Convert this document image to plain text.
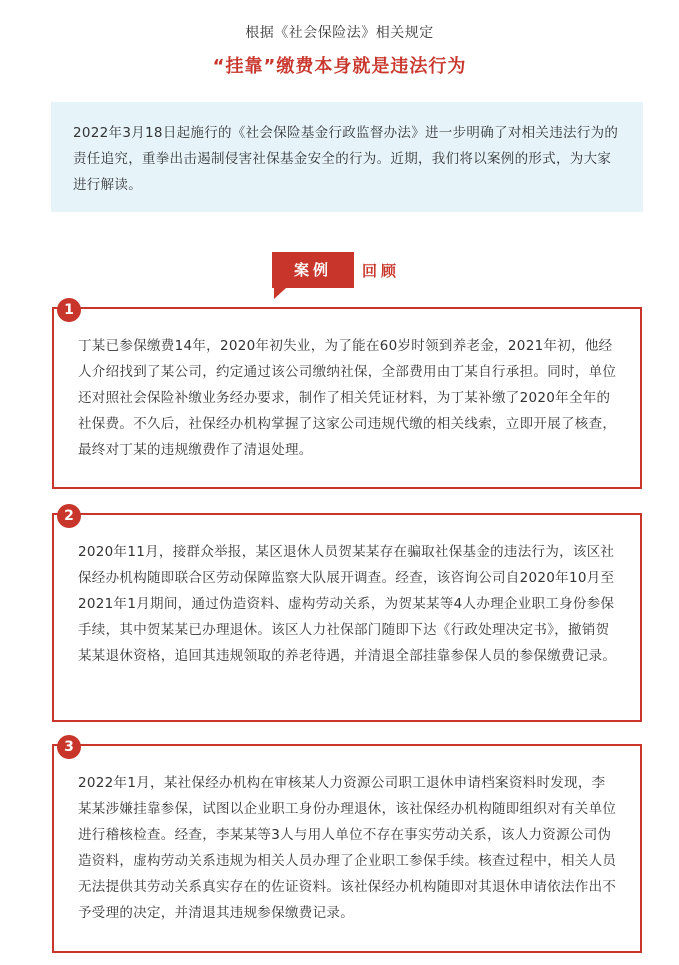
根据《社会保险法》相关规定
“挂靠”缴费本身就是违法行为

2022年3月18日起施行的《社会保险基金行政监督办法》进一步明确了对相关违法行为的责任追究，重拳出击遏制侵害社保基金安全的行为。近期，我们将以案例的形式，为大家进行解读。

案例	回顾

丁某已参保缴费14年，2020年初失业，为了能在60岁时领到养老金，2021年初，他经人介绍找到了某公司，约定通过该公司缴纳社保，全部费用由丁某自行承担。同时，单位还对照社会保险补缴业务经办要求，制作了相关凭证材料，为丁某补缴了2020年全年的社保费。不久后，社保经办机构掌握了这家公司违规代缴的相关线索，立即开展了核查，最终对丁某的违规缴费作了清退处理。

1

2020年11月，接群众举报，某区退休人员贺某某存在骗取社保基金的违法行为，该区社保经办机构随即联合区劳动保障监察大队展开调查。经查，该咨询公司自2020年10月至2021年1月期间，通过伪造资料、虚构劳动关系，为贺某某等4人办理企业职工身份参保手续，其中贺某某已办理退休。该区人力社保部门随即下达《行政处理决定书》，撤销贺某某退休资格，追回其违规领取的养老待遇，并清退全部挂靠参保人员的参保缴费记录。

2

2022年1月，某社保经办机构在审核某人力资源公司职工退休申请档案资料时发现，李某某涉嫌挂靠参保，试图以企业职工身份办理退休，该社保经办机构随即组织对有关单位进行稽核检查。经查，李某某等3人与用人单位不存在事实劳动关系，该人力资源公司伪造资料，虚构劳动关系违规为相关人员办理了企业职工参保手续。核查过程中，相关人员无法提供其劳动关系真实存在的佐证资料。该社保经办机构随即对其退休申请依法作出不予受理的决定，并清退其违规参保缴费记录。

3
